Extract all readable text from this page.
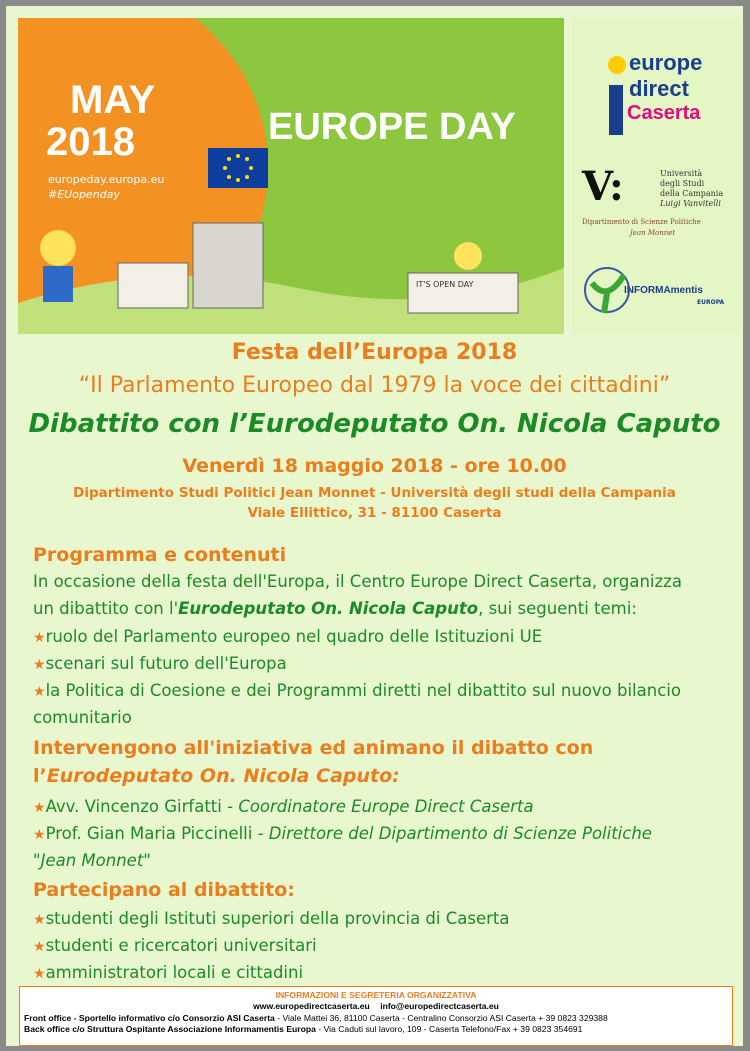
MAY
2018
europeday.europa.eu
#EUopenday
EUROPE DAY
IT'S OPEN DAY
europe
direct
Caserta
V:	Università
degli Studi
della Campania
Luigi Vanvitelli
Dipartimento di Scienze Politiche
Jean Monnet
INFORMAmentis
EUROPA
Festa dell’Europa 2018
“Il Parlamento Europeo dal 1979 la voce dei cittadini”
Dibattito con l’Eurodeputato On. Nicola Caputo
Venerdì 18 maggio 2018 - ore 10.00
Dipartimento Studi Politici Jean Monnet - Università degli studi della Campania
Viale Ellittico, 31 - 81100 Caserta
Programma e contenuti
In occasione della festa dell'Europa, il Centro Europe Direct Caserta, organizza
un dibattito con l'Eurodeputato On. Nicola Caputo, sui seguenti temi:
★ruolo del Parlamento europeo nel quadro delle Istituzioni UE
★scenari sul futuro dell'Europa
★la Politica di Coesione e dei Programmi diretti nel dibattito sul nuovo bilancio
comunitario
Intervengono all'iniziativa ed animano il dibatto con
l’Eurodeputato On. Nicola Caputo:
★Avv. Vincenzo Girfatti - Coordinatore Europe Direct Caserta
★Prof. Gian Maria Piccinelli - Direttore del Dipartimento di Scienze Politiche
"Jean Monnet"
Partecipano al dibattito:
★studenti degli Istituti superiori della provincia di Caserta
★studenti e ricercatori universitari
★amministratori locali e cittadini
INFORMAZIONI E SEGRETERIA ORGANIZZATIVA
www.europedirectcaserta.eu info@europedirectcaserta.eu
Front office - Sportello informativo c/o Consorzio ASI Caserta - Viale Mattei 36, 81100 Caserta - Centralino Consorzio ASI Caserta + 39 0823 329388
Back office c/o Struttura Ospitante Associazione Informamentis Europa - Via Caduti sul lavoro, 109 - Caserta Telefono/Fax + 39 0823 354691
